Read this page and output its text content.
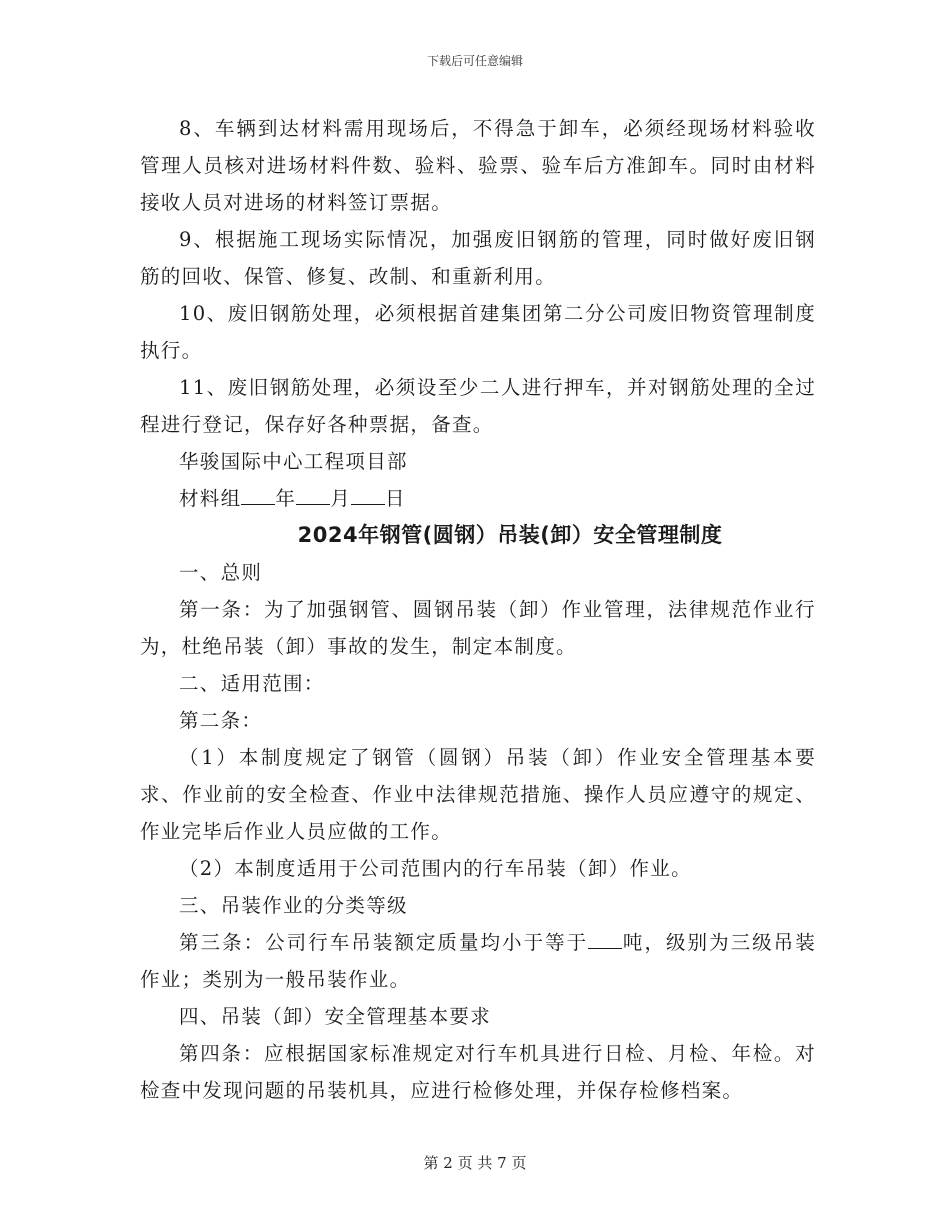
下载后可任意编辑

8、车辆到达材料需用现场后，不得急于卸车，必须经现场材料验收管理人员核对进场材料件数、验料、验票、验车后方准卸车。同时由材料接收人员对进场的材料签订票据。

9、根据施工现场实际情况，加强废旧钢筋的管理，同时做好废旧钢筋的回收、保管、修复、改制、和重新利用。

10、废旧钢筋处理，必须根据首建集团第二分公司废旧物资管理制度执行。

11、废旧钢筋处理，必须设至少二人进行押车，并对钢筋处理的全过程进行登记，保存好各种票据，备查。

华骏国际中心工程项目部

材料组 年 月 日

2024年钢管(圆钢）吊装(卸）安全管理制度

一、总则

第一条：为了加强钢管、圆钢吊装（卸）作业管理，法律规范作业行为，杜绝吊装（卸）事故的发生，制定本制度。

二、适用范围：

第二条：

（1）本制度规定了钢管（圆钢）吊装（卸）作业安全管理基本要求、作业前的安全检查、作业中法律规范措施、操作人员应遵守的规定、作业完毕后作业人员应做的工作。

（2）本制度适用于公司范围内的行车吊装（卸）作业。

三、吊装作业的分类等级

第三条：公司行车吊装额定质量均小于等于 吨，级别为三级吊装作业；类别为一般吊装作业。

四、吊装（卸）安全管理基本要求

第四条：应根据国家标准规定对行车机具进行日检、月检、年检。对检查中发现问题的吊装机具，应进行检修处理，并保存检修档案。

第 2 页 共 7 页
